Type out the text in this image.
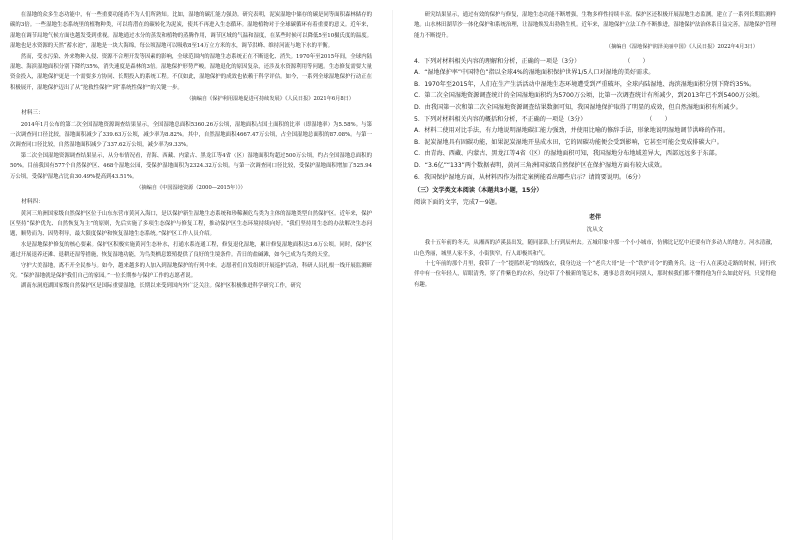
在湿地的众多生态功能中，有一些重要功能尚不为人们所熟知。比如，湿地的碳汇能力强劲。研究表明，泥炭湿地中储存的碳是同等面积森林储存的碳的3倍。一些湿地生态系统里的植物种类，可以将潜在的碳转化为泥炭，使其不再进入生态循环。湿地植物对于全球碳循环有着重要的意义。近年来，湿地在调节局地气候方面也越发受到重视。湿地通过水分的蒸发和植物的蒸腾作用，调节区域的气温和湿度，在某些时候可以降低5至10摄氏度的温度。湿地也是水资源的天然“蓄水池”，湿地是一块大海绵，每公顷湿地可以吸收8至14万立方米的水，调节洪峰、维持河流与地下水的平衡。

然而，受水污染、外来物种入侵、资源不合理开发等因素的影响，全球范围内的湿地生态系统正在不断退化、消失。1970年至2015年间，全球内陆湿地、海滨湿地面积分别下降约35%，消失速度是森林的3倍。湿地保护形势严峻。湿地退化的原因复杂，还涉及水资源利用等问题。生态修复需要大量资金投入，湿地保护更是一个需要多方协同、长期投入的系统工程。不仅如此，湿地保护的成效也依赖于科学评估。如今，一系列全球湿地保护行动正在积极展开，湿地保护迈出了从“抢救性保护”到“系统性保护”的关键一步。

（摘编自《保护利用湿地促进可持续发展》《人民日报》2021年6月8日）

材料三：

2014年1月公布的第二次全国湿地资源调查结果显示，全国湿地总面积5360.26万公顷，湿地面积占国土面积的比率（即湿地率）为5.58%。与第一次调查同口径比较，湿地面积减少了339.63万公顷，减少率为8.82%。其中，自然湿地面积4667.47万公顷，占全国湿地总面积的87.08%。与第一次调查同口径比较，自然湿地面积减少了337.62万公顷，减少率为9.33%。

第二次全国湿地资源调查结果显示，从分布情况看，青海、西藏、内蒙古、黑龙江等4省（区）湿地面积均超过500万公顷，约占全国湿地总面积的50%。目前我国有577个自然保护区、468个湿地公园，受保护湿地面积为2324.32万公顷。与第一次调查同口径比较，受保护湿地面积增加了525.94万公顷，受保护湿地占比由30.49%提高到43.51%。

（摘编自《中国湿地资源（2000—2015年）》）

材料四：

黄河三角洲国家级自然保护区位于山东东营市黄河入海口，是以保护新生湿地生态系统和珍稀濒危鸟类为主体的湿地类型自然保护区。近年来，保护区坚持“保护优先、自然恢复为主”的原则，先后实施了多项生态保护与修复工程，推动保护区生态环境持续向好。“我们坚持用生态的办法解决生态问题，顺势而为、因势利导，最大限度保护和恢复湿地生态系统。”保护区工作人员介绍。

水是湿地保护修复的核心要素。保护区积极实施黄河生态补水，打通水系连通工程，修复退化湿地，累计修复湿地面积达3.6万公顷。同时，保护区通过开展退养还滩、退耕还湿等措施，恢复湿地功能，为鸟类栖息繁殖提供了良好的生境条件。昔日的盐碱滩，如今已成为鸟类的天堂。

守护大美湿地，离不开全民参与。如今，越来越多的人加入到湿地保护的行列中来。志愿者们自发组织开展巡护活动，科研人员扎根一线开展监测研究。“保护湿地就是保护我们自己的家园。”一位长期参与保护工作的志愿者说。

湖南东洞庭湖国家级自然保护区是国际重要湿地，长期以来受到国内外广泛关注。保护区积极推进科学研究工作，研究

研究结果显示，通过有效的保护与修复，湿地生态功能不断增强，生物多样性持续丰富。保护区还积极开展湿地生态监测，建立了一系列长期监测样地。山水林田湖草沙一体化保护和系统治理，让湿地焕发出勃勃生机。近年来，湿地保护立法工作不断推进，湿地保护法治体系日益完善，湿地保护管理能力不断提升。

（摘编自《湿地保护润泽美丽中国》《人民日报》2022年4月3日）

4．下列对材料相关内容的理解和分析，正确的一项是（3分）	（　　）

A．“湿地保护率”中国特色”指以全球4%的湿地面积保护世界1/5人口对湿地的美好需求。

B．1970年至2015年，人们在生产生活活动中湿地生态环境遭受到严重破坏，全球内陆湿地、海滨湿地面积分别下降约35%。

C．第二次全国湿地资源调查统计的全国湿地面积约为5700万公顷，比第一次调查统计有所减少，到2013年已不到5400万公顷。

D．由我国第一次和第二次全国湿地资源调查结果数据可知，我国湿地保护取得了明显的成效，但自然湿地面积有所减少。

5．下列对材料相关内容的概括和分析，不正确的一项是（3分）	（　　）

A．材料二使用对比手法，有力地说明湿地碳汇能力强劲，并使用比喻的修辞手法，形象地说明湿地调节洪峰的作用。

B．泥炭湿地具有固碳功能，如果泥炭湿地开垦成水田，它的固碳功能便会受到影响，它甚至可能会变成排碳大户。

C．由青海、西藏、内蒙古、黑龙江等4省（区）的湿地面积可知，我国湿地分布地域差异大，西部远远多于东部。

D．“3.6亿”“133”两个数据表明，黄河三角洲国家级自然保护区在保护湿地方面有较大成效。

6．我国保护湿地方面，从材料四作为指定案例能看出哪些启示？请简要说明。（6分）

（三）文学类文本阅读（本题共3小题，15分）

阅读下面的文字，完成7～9题。

老伴

沈从文

我十五年前的冬天，从湘西的泸溪县出发，随同部队上行到辰州去。五城印象中那一个小小城市，仿佛比记忆中还要有许多动人的地方。河水清澈，山色秀丽，城里人家不多，小街狭窄，行人却极其和气。

十七年前的那个月里，我带了一个“提篮织花”的绒线衣，我身边这一个“老兵大哥”是一个“铁炉司令”的勤务兵。这一行人在溪边走路的时候，同行伙伴中有一位年轻人，眉眼清秀，穿了件紫色的衣衫，身边带了个极新的笔记本，遇事总喜欢问问别人，那时候我们都不懂得他为什么如此好问，只觉得他有趣。
